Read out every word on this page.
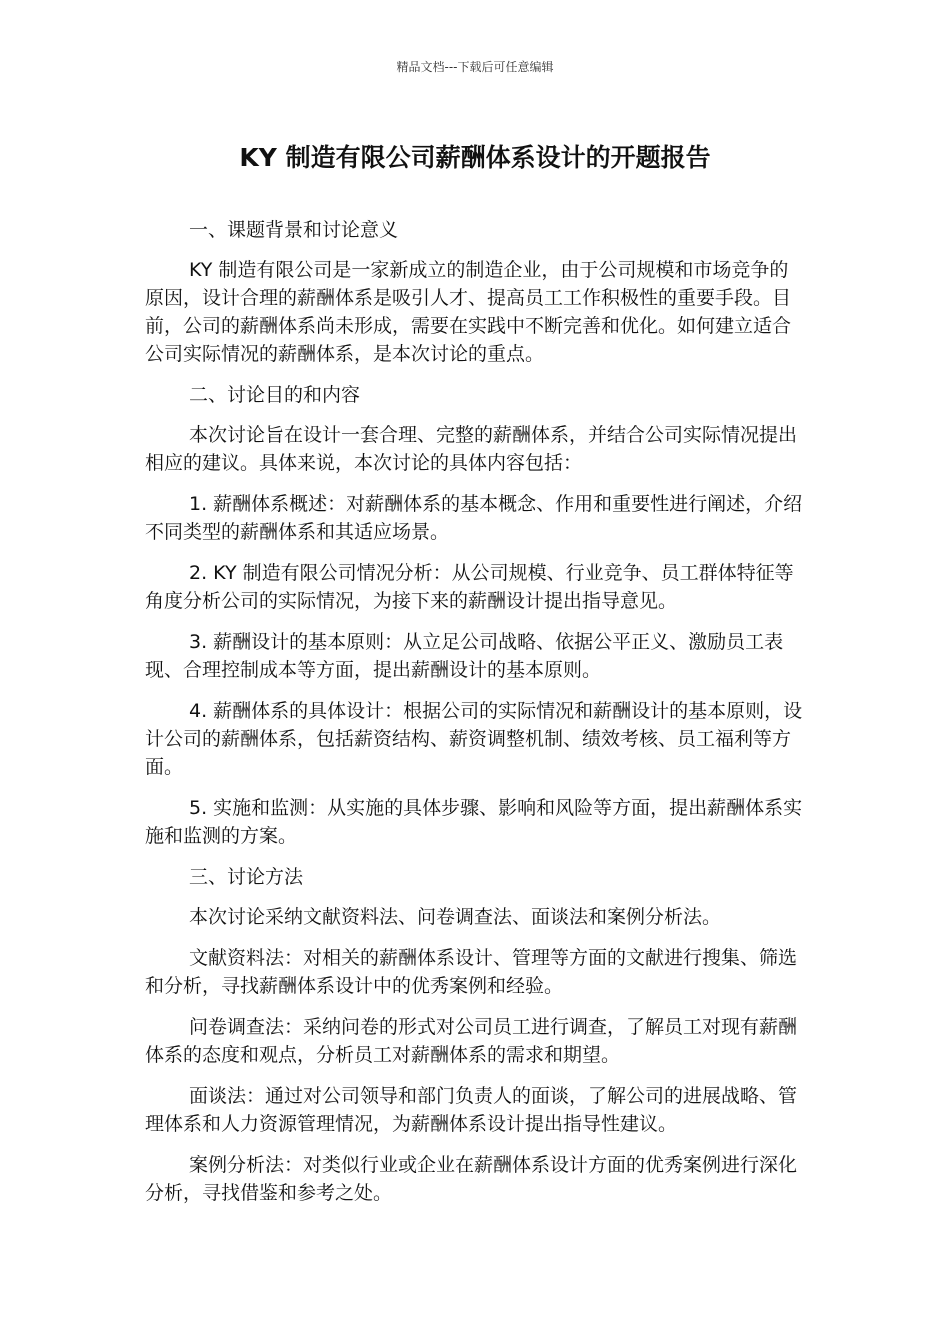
精品文档---下载后可任意编辑
KY 制造有限公司薪酬体系设计的开题报告

一、课题背景和讨论意义

KY 制造有限公司是一家新成立的制造企业，由于公司规模和市场竞争的原因，设计合理的薪酬体系是吸引人才、提高员工工作积极性的重要手段。目前，公司的薪酬体系尚未形成，需要在实践中不断完善和优化。如何建立适合公司实际情况的薪酬体系，是本次讨论的重点。

二、讨论目的和内容

本次讨论旨在设计一套合理、完整的薪酬体系，并结合公司实际情况提出相应的建议。具体来说，本次讨论的具体内容包括：

1. 薪酬体系概述：对薪酬体系的基本概念、作用和重要性进行阐述，介绍不同类型的薪酬体系和其适应场景。

2. KY 制造有限公司情况分析：从公司规模、行业竞争、员工群体特征等角度分析公司的实际情况，为接下来的薪酬设计提出指导意见。

3. 薪酬设计的基本原则：从立足公司战略、依据公平正义、激励员工表现、合理控制成本等方面，提出薪酬设计的基本原则。

4. 薪酬体系的具体设计：根据公司的实际情况和薪酬设计的基本原则，设计公司的薪酬体系，包括薪资结构、薪资调整机制、绩效考核、员工福利等方面。

5. 实施和监测：从实施的具体步骤、影响和风险等方面，提出薪酬体系实施和监测的方案。

三、讨论方法

本次讨论采纳文献资料法、问卷调查法、面谈法和案例分析法。

文献资料法：对相关的薪酬体系设计、管理等方面的文献进行搜集、筛选和分析，寻找薪酬体系设计中的优秀案例和经验。

问卷调查法：采纳问卷的形式对公司员工进行调查，了解员工对现有薪酬体系的态度和观点，分析员工对薪酬体系的需求和期望。

面谈法：通过对公司领导和部门负责人的面谈，了解公司的进展战略、管理体系和人力资源管理情况，为薪酬体系设计提出指导性建议。

案例分析法：对类似行业或企业在薪酬体系设计方面的优秀案例进行深化分析，寻找借鉴和参考之处。
